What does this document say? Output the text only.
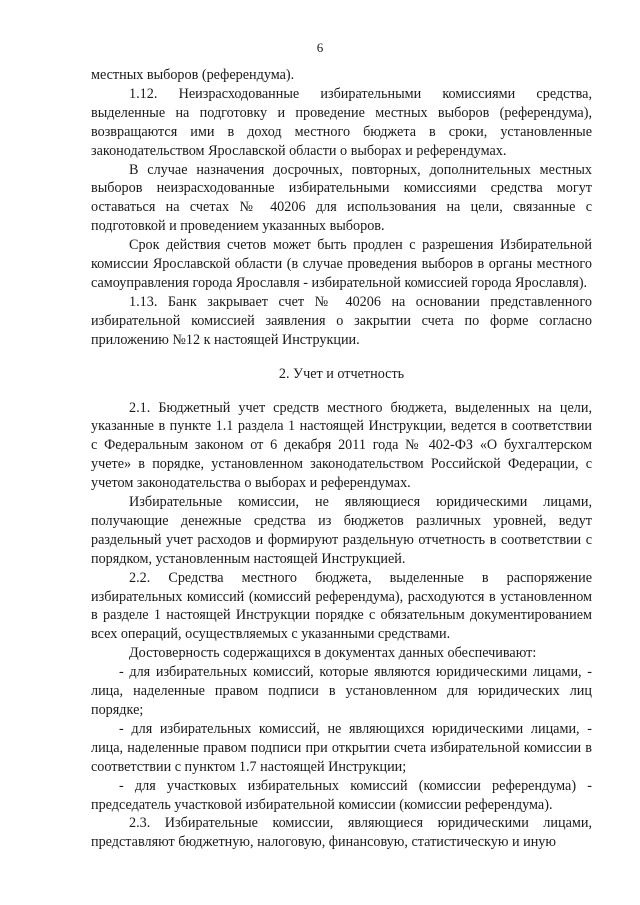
6

местных выборов (референдума).

1.12. Неизрасходованные избирательными комиссиями средства, выделенные на подготовку и проведение местных выборов (референдума), возвращаются ими в доход местного бюджета в сроки, установленные законодательством Ярославской области о выборах и референдумах.

В случае назначения досрочных, повторных, дополнительных местных выборов неизрасходованные избирательными комиссиями средства могут оставаться на счетах № 40206 для использования на цели, связанные с подготовкой и проведением указанных выборов.

Срок действия счетов может быть продлен с разрешения Избирательной комиссии Ярославской области (в случае проведения выборов в органы местного самоуправления города Ярославля - избирательной комиссией города Ярославля).

1.13. Банк закрывает счет № 40206 на основании представленного избирательной комиссией заявления о закрытии счета по форме согласно приложению №12 к настоящей Инструкции.

2. Учет и отчетность

2.1. Бюджетный учет средств местного бюджета, выделенных на цели, указанные в пункте 1.1 раздела 1 настоящей Инструкции, ведется в соответствии с Федеральным законом от 6 декабря 2011 года № 402-ФЗ «О бухгалтерском учете» в порядке, установленном законодательством Российской Федерации, с учетом законодательства о выборах и референдумах.

Избирательные комиссии, не являющиеся юридическими лицами, получающие денежные средства из бюджетов различных уровней, ведут раздельный учет расходов и формируют раздельную отчетность в соответствии с порядком, установленным настоящей Инструкцией.

2.2. Средства местного бюджета, выделенные в распоряжение избирательных комиссий (комиссий референдума), расходуются в установленном в разделе 1 настоящей Инструкции порядке с обязательным документированием всех операций, осуществляемых с указанными средствами.

Достоверность содержащихся в документах данных обеспечивают:

- для избирательных комиссий, которые являются юридическими лицами, - лица, наделенные правом подписи в установленном для юридических лиц порядке;

- для избирательных комиссий, не являющихся юридическими лицами, - лица, наделенные правом подписи при открытии счета избирательной комиссии в соответствии с пунктом 1.7 настоящей Инструкции;

- для участковых избирательных комиссий (комиссии референдума) - председатель участковой избирательной комиссии (комиссии референдума).

2.3. Избирательные комиссии, являющиеся юридическими лицами, представляют бюджетную, налоговую, финансовую, статистическую и иную
